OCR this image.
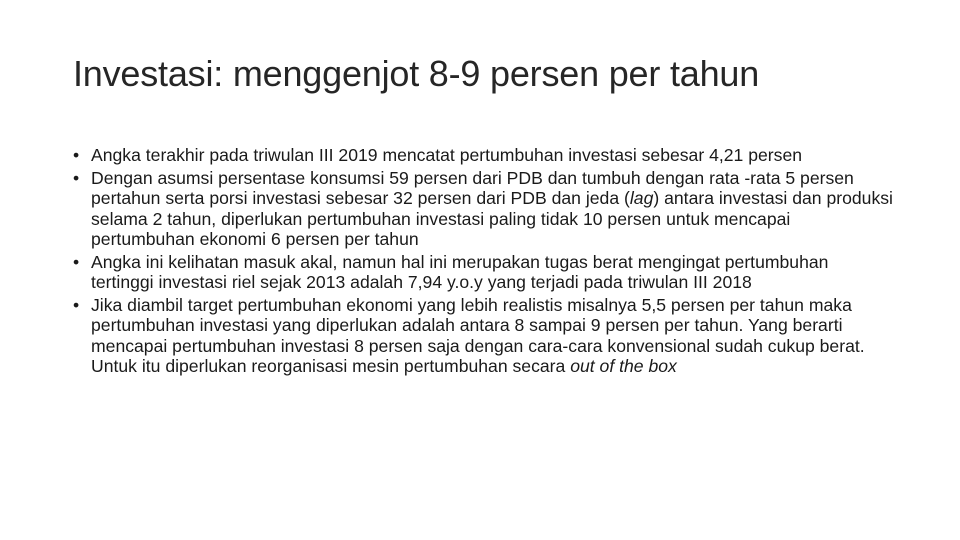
Investasi: menggenjot 8-9 persen per tahun
• Angka terakhir pada triwulan III 2019 mencatat pertumbuhan investasi sebesar 4,21 persen
• Dengan asumsi persentase konsumsi 59 persen dari PDB dan tumbuh dengan rata -rata 5 persen pertahun serta porsi investasi sebesar 32 persen dari PDB dan jeda (lag) antara investasi dan produksi selama 2 tahun, diperlukan pertumbuhan investasi paling tidak 10 persen untuk mencapai pertumbuhan ekonomi 6 persen per tahun
• Angka ini kelihatan masuk akal, namun hal ini merupakan tugas berat mengingat pertumbuhan tertinggi investasi riel sejak 2013 adalah 7,94 y.o.y yang terjadi pada triwulan III 2018
• Jika diambil target pertumbuhan ekonomi yang lebih realistis misalnya 5,5 persen per tahun maka pertumbuhan investasi yang diperlukan adalah antara 8 sampai 9 persen per tahun. Yang berarti mencapai pertumbuhan investasi 8 persen saja dengan cara-cara konvensional sudah cukup berat. Untuk itu diperlukan reorganisasi mesin pertumbuhan secara out of the box
